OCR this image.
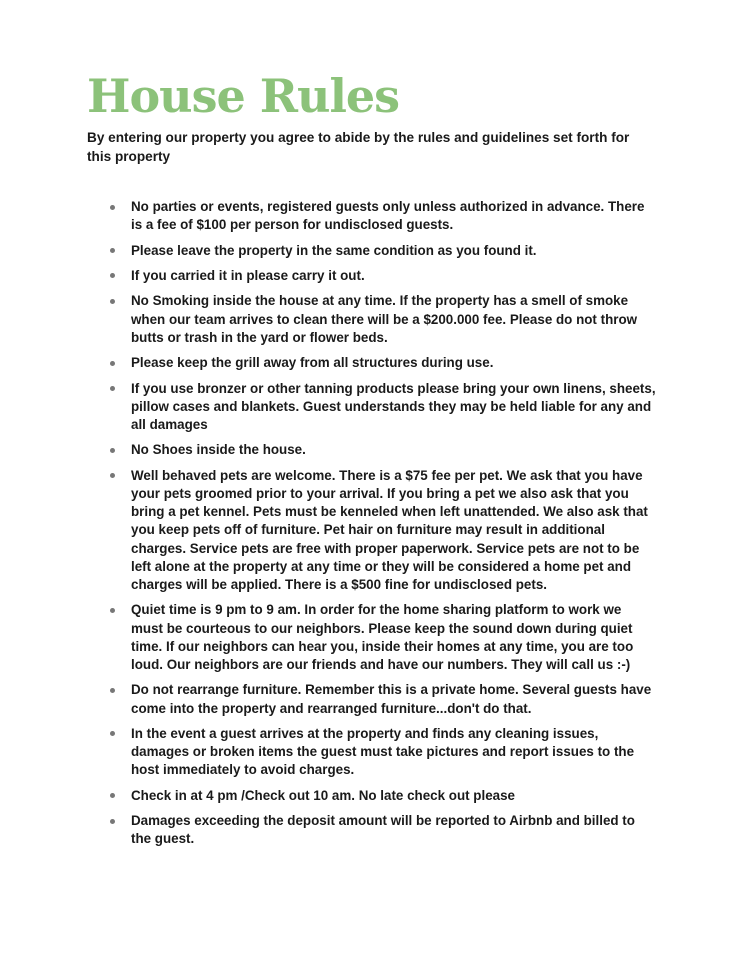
House Rules

By entering our property you agree to abide by the rules and guidelines set forth for this property

No parties or events, registered guests only unless authorized in advance. There is a fee of $100 per person for undisclosed guests.
Please leave the property in the same condition as you found it.
If you carried it in please carry it out.
No Smoking inside the house at any time. If the property has a smell of smoke when our team arrives to clean there will be a $200.000 fee. Please do not throw butts or trash in the yard or flower beds.
Please keep the grill away from all structures during use.
If you use bronzer or other tanning products please bring your own linens, sheets, pillow cases and blankets. Guest understands they may be held liable for any and all damages
No Shoes inside the house.
Well behaved pets are welcome. There is a $75 fee per pet. We ask that you have your pets groomed prior to your arrival. If you bring a pet we also ask that you bring a pet kennel. Pets must be kenneled when left unattended. We also ask that you keep pets off of furniture. Pet hair on furniture may result in additional charges. Service pets are free with proper paperwork. Service pets are not to be left alone at the property at any time or they will be considered a home pet and charges will be applied. There is a $500 fine for undisclosed pets.
Quiet time is 9 pm to 9 am. In order for the home sharing platform to work we must be courteous to our neighbors. Please keep the sound down during quiet time. If our neighbors can hear you, inside their homes at any time, you are too loud. Our neighbors are our friends and have our numbers. They will call us :-)
Do not rearrange furniture. Remember this is a private home. Several guests have come into the property and rearranged furniture...don't do that.
In the event a guest arrives at the property and finds any cleaning issues, damages or broken items the guest must take pictures and report issues to the host immediately to avoid charges.
Check in at 4 pm /Check out 10 am. No late check out please
Damages exceeding the deposit amount will be reported to Airbnb and billed to the guest.
